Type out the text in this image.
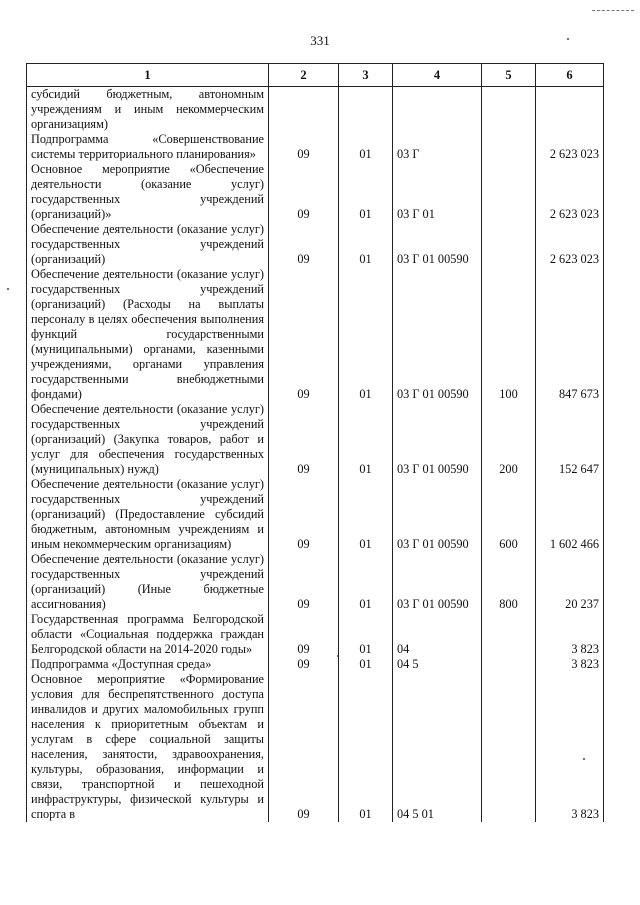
331
1	2	3	4	5	6
субсидий бюджетным, автономным учреждениям и иным некоммерческим организациям)					
Подпрограмма «Совершенствование системы территориального планирования»	09	01	03 Г		2 623 023
Основное мероприятие «Обеспечение деятельности (оказание услуг) государственных учреждений (организаций)»	09	01	03 Г 01		2 623 023
Обеспечение деятельности (оказание услуг) государственных учреждений (организаций)	09	01	03 Г 01 00590		2 623 023
Обеспечение деятельности (оказание услуг) государственных учреждений (организаций) (Расходы на выплаты персоналу в целях обеспечения выполнения функций государственными (муниципальными) органами, казенными учреждениями, органами управления государственными внебюджетными фондами)	09	01	03 Г 01 00590	100	847 673
Обеспечение деятельности (оказание услуг) государственных учреждений (организаций) (Закупка товаров, работ и услуг для обеспечения государственных (муниципальных) нужд)	09	01	03 Г 01 00590	200	152 647
Обеспечение деятельности (оказание услуг) государственных учреждений (организаций) (Предоставление субсидий бюджетным, автономным учреждениям и иным некоммерческим организациям)	09	01	03 Г 01 00590	600	1 602 466
Обеспечение деятельности (оказание услуг) государственных учреждений (организаций) (Иные бюджетные ассигнования)	09	01	03 Г 01 00590	800	20 237
Государственная программа Белгородской области «Социальная поддержка граждан Белгородской области на 2014-2020 годы»	09	01	04		3 823
Подпрограмма «Доступная среда»	09	01	04 5		3 823
Основное мероприятие «Формирование условия для беспрепятственного доступа инвалидов и других маломобильных групп населения к приоритетным объектам и услугам в сфере социальной защиты населения, занятости, здравоохранения, культуры, образования, информации и связи, транспортной и пешеходной инфраструктуры, физической культуры и спорта в	09	01	04 5 01		3 823
